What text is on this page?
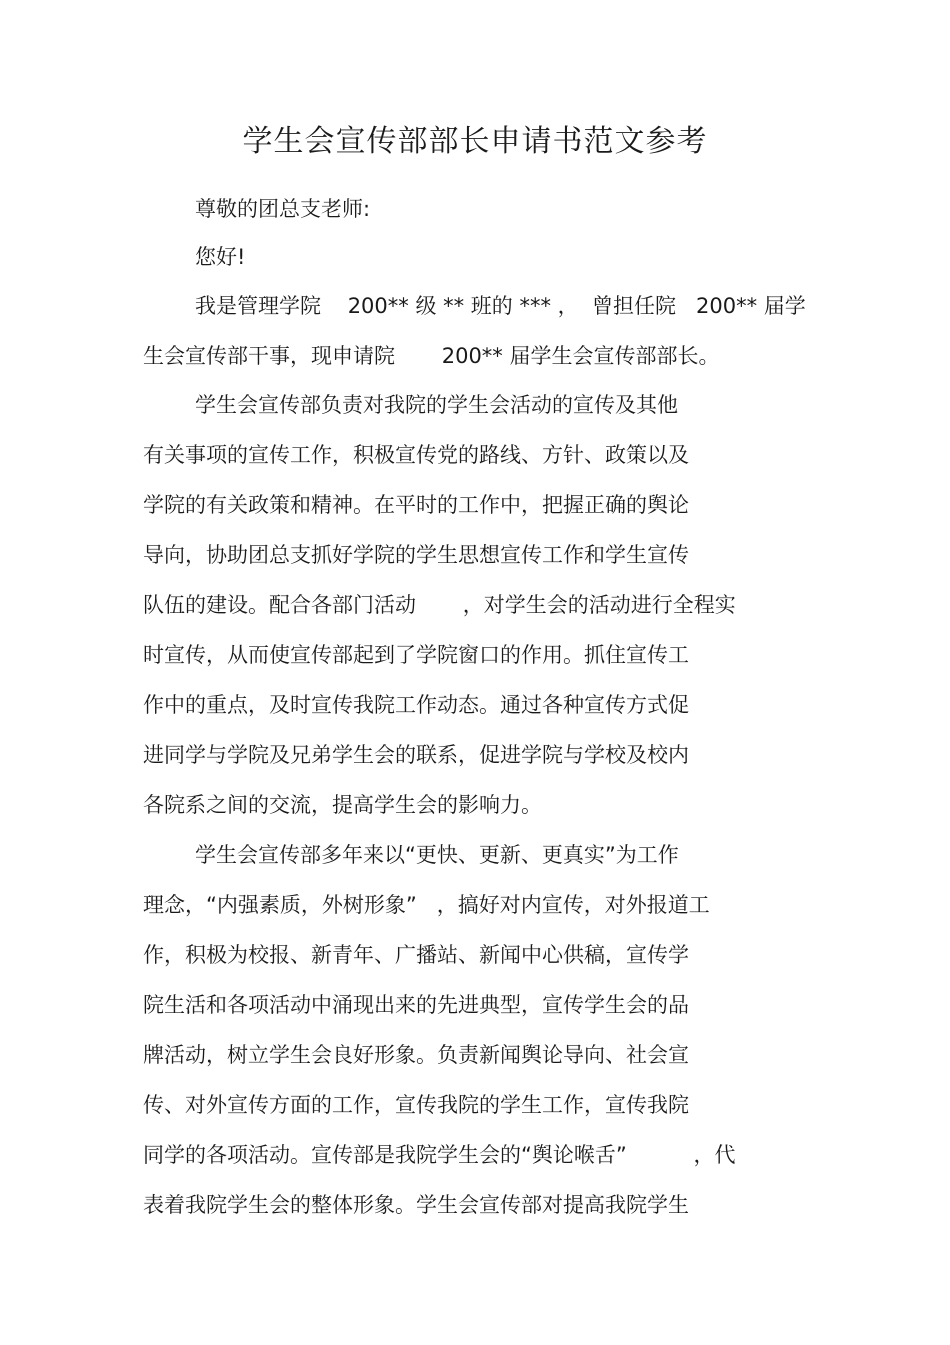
学生会宣传部部长申请书范文参考
尊敬的团总支老师:
您好!
我是管理学院    200** 级 ** 班的 *** ，  曾担任院   200** 届学
生会宣传部干事，现申请院       200** 届学生会宣传部部长。
学生会宣传部负责对我院的学生会活动的宣传及其他
有关事项的宣传工作，积极宣传党的路线、方针、政策以及
学院的有关政策和精神。在平时的工作中，把握正确的舆论
导向，协助团总支抓好学院的学生思想宣传工作和学生宣传
队伍的建设。配合各部门活动       ，对学生会的活动进行全程实
时宣传，从而使宣传部起到了学院窗口的作用。抓住宣传工
作中的重点，及时宣传我院工作动态。通过各种宣传方式促
进同学与学院及兄弟学生会的联系，促进学院与学校及校内
各院系之间的交流，提高学生会的影响力。
学生会宣传部多年来以“更快、更新、更真实”为工作
理念，“内强素质，外树形象”   ，搞好对内宣传，对外报道工
作，积极为校报、新青年、广播站、新闻中心供稿，宣传学
院生活和各项活动中涌现出来的先进典型，宣传学生会的品
牌活动，树立学生会良好形象。负责新闻舆论导向、社会宣
传、对外宣传方面的工作，宣传我院的学生工作，宣传我院
同学的各项活动。宣传部是我院学生会的“舆论喉舌”          ，代
表着我院学生会的整体形象。学生会宣传部对提高我院学生
